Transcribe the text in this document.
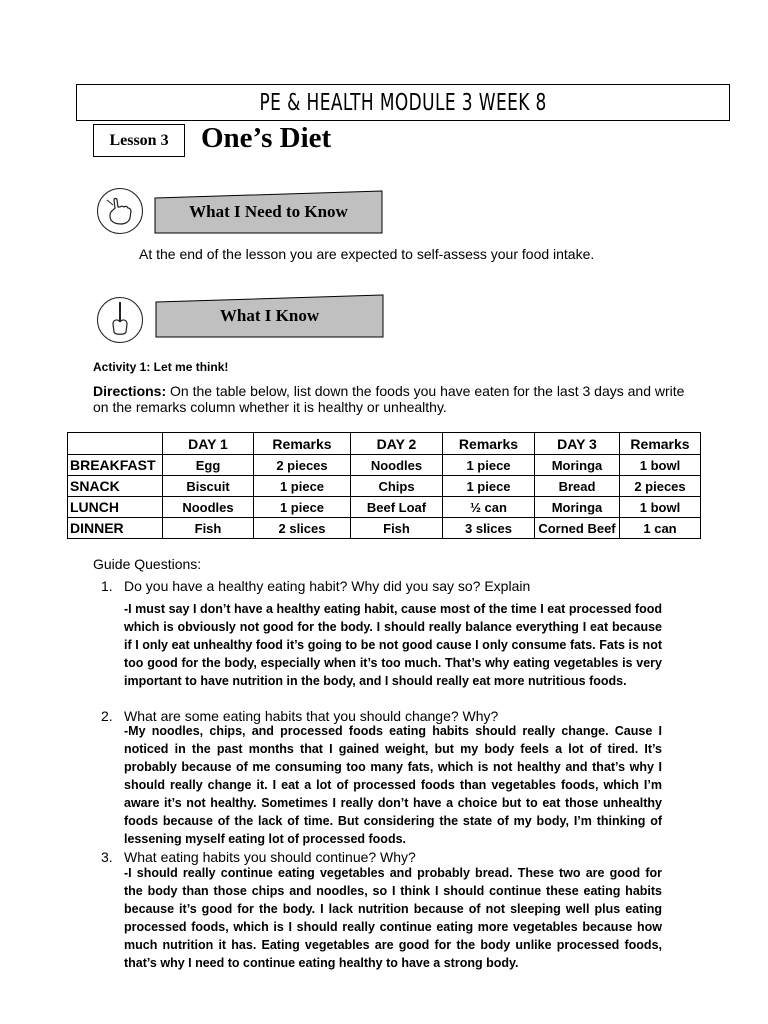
PE & HEALTH MODULE 3 WEEK 8
Lesson 3 One’s Diet
What I Need to Know
At the end of the lesson you are expected to self-assess your food intake.
What I Know
Activity 1: Let me think!
Directions: On the table below, list down the foods you have eaten for the last 3 days and write on the remarks column whether it is healthy or unhealthy.
	DAY 1	Remarks	DAY 2	Remarks	DAY 3	Remarks
BREAKFAST	Egg	2 pieces	Noodles	1 piece	Moringa	1 bowl
SNACK	Biscuit	1 piece	Chips	1 piece	Bread	2 pieces
LUNCH	Noodles	1 piece	Beef Loaf	½ can	Moringa	1 bowl
DINNER	Fish	2 slices	Fish	3 slices	Corned Beef	1 can
Guide Questions:
1. Do you have a healthy eating habit? Why did you say so? Explain
-I must say I don’t have a healthy eating habit, cause most of the time I eat processed food which is obviously not good for the body. I should really balance everything I eat because if I only eat unhealthy food it’s going to be not good cause I only consume fats. Fats is not too good for the body, especially when it’s too much. That’s why eating vegetables is very important to have nutrition in the body, and I should really eat more nutritious foods.
2. What are some eating habits that you should change? Why?
-My noodles, chips, and processed foods eating habits should really change. Cause I noticed in the past months that I gained weight, but my body feels a lot of tired. It’s probably because of me consuming too many fats, which is not healthy and that’s why I should really change it. I eat a lot of processed foods than vegetables foods, which I’m aware it’s not healthy. Sometimes I really don’t have a choice but to eat those unhealthy foods because of the lack of time. But considering the state of my body, I’m thinking of lessening myself eating lot of processed foods.
3. What eating habits you should continue? Why?
-I should really continue eating vegetables and probably bread. These two are good for the body than those chips and noodles, so I think I should continue these eating habits because it’s good for the body. I lack nutrition because of not sleeping well plus eating processed foods, which is I should really continue eating more vegetables because how much nutrition it has. Eating vegetables are good for the body unlike processed foods, that’s why I need to continue eating healthy to have a strong body.
